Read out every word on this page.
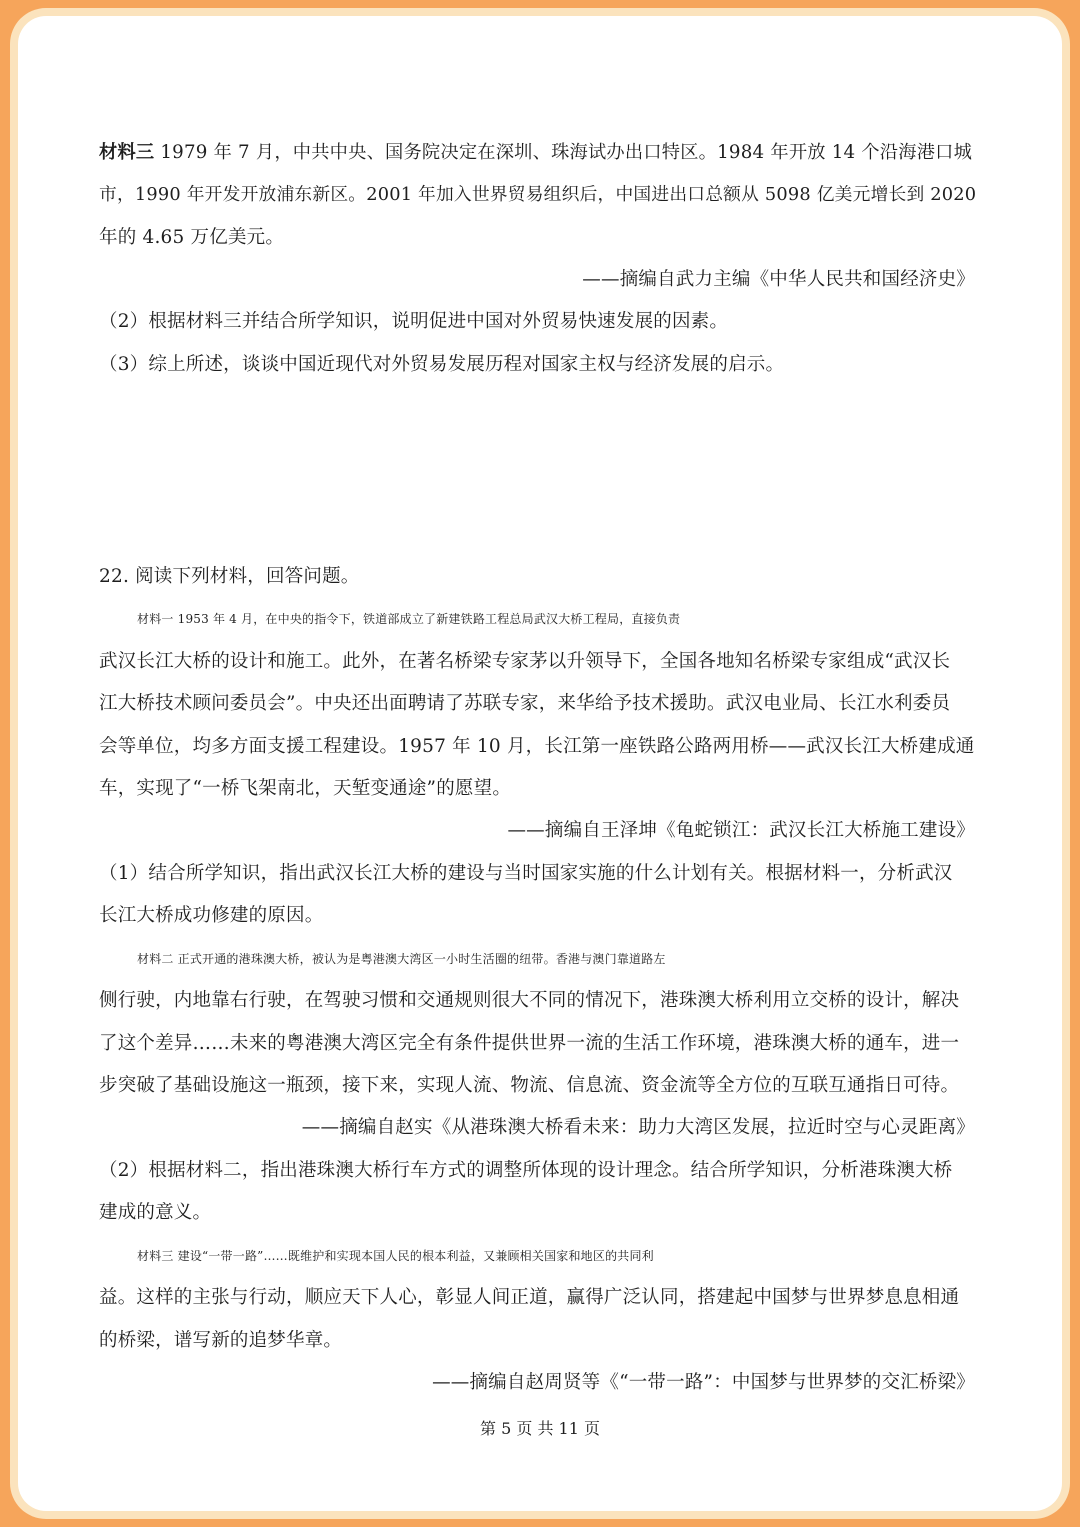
材料三 1979 年 7 月，中共中央、国务院决定在深圳、珠海试办出口特区。1984 年开放 14 个沿海港口城
市，1990 年开发开放浦东新区。2001 年加入世界贸易组织后，中国进出口总额从 5098 亿美元增长到 2020
年的 4.65 万亿美元。
——摘编自武力主编《中华人民共和国经济史》
（2）根据材料三并结合所学知识，说明促进中国对外贸易快速发展的因素。
（3）综上所述，谈谈中国近现代对外贸易发展历程对国家主权与经济发展的启示。
22. 阅读下列材料，回答问题。
材料一 1953 年 4 月，在中央的指令下，铁道部成立了新建铁路工程总局武汉大桥工程局，直接负责
武汉长江大桥的设计和施工。此外，在著名桥梁专家茅以升领导下，全国各地知名桥梁专家组成“武汉长
江大桥技术顾问委员会”。中央还出面聘请了苏联专家，来华给予技术援助。武汉电业局、长江水利委员
会等单位，均多方面支援工程建设。1957 年 10 月，长江第一座铁路公路两用桥——武汉长江大桥建成通
车，实现了“一桥飞架南北，天堑变通途”的愿望。
——摘编自王泽坤《龟蛇锁江：武汉长江大桥施工建设》
（1）结合所学知识，指出武汉长江大桥的建设与当时国家实施的什么计划有关。根据材料一，分析武汉
长江大桥成功修建的原因。
材料二 正式开通的港珠澳大桥，被认为是粤港澳大湾区一小时生活圈的纽带。香港与澳门靠道路左
侧行驶，内地靠右行驶，在驾驶习惯和交通规则很大不同的情况下，港珠澳大桥利用立交桥的设计，解决
了这个差异……未来的粤港澳大湾区完全有条件提供世界一流的生活工作环境，港珠澳大桥的通车，进一
步突破了基础设施这一瓶颈，接下来，实现人流、物流、信息流、资金流等全方位的互联互通指日可待。
——摘编自赵实《从港珠澳大桥看未来：助力大湾区发展，拉近时空与心灵距离》
（2）根据材料二，指出港珠澳大桥行车方式的调整所体现的设计理念。结合所学知识，分析港珠澳大桥
建成的意义。
材料三 建设“一带一路”……既维护和实现本国人民的根本利益，又兼顾相关国家和地区的共同利
益。这样的主张与行动，顺应天下人心，彰显人间正道，赢得广泛认同，搭建起中国梦与世界梦息息相通
的桥梁，谱写新的追梦华章。
——摘编自赵周贤等《“一带一路”：中国梦与世界梦的交汇桥梁》
第 5 页 共 11 页
